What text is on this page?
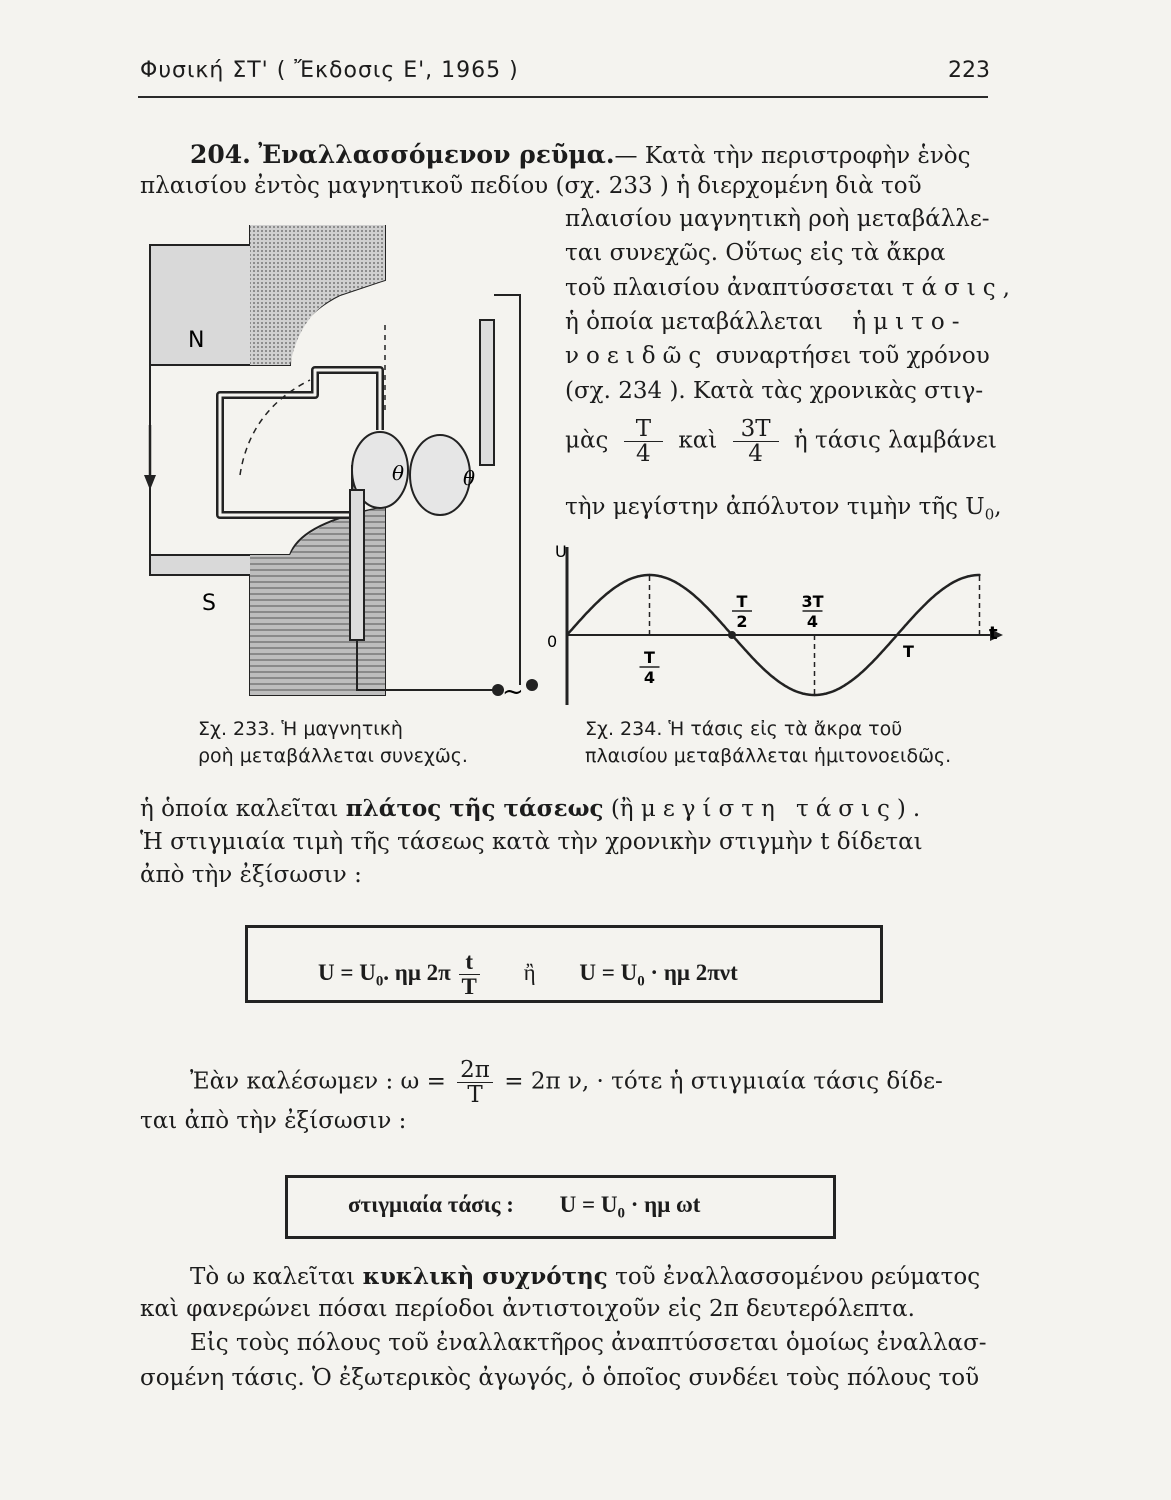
Φυσική ΣΤ' ( Ἔκδοσις Ε', 1965 )	223
204. Ἐναλλασσόμενον ρεῦμα.— Κατὰ τὴν περιστροφὴν ἑνὸς
πλαισίου ἐντὸς μαγνητικοῦ πεδίου (σχ. 233 ) ἡ διερχομένη διὰ τοῦ
πλαισίου μαγνητικὴ ροὴ μεταβάλλε-
ται συνεχῶς. Οὕτως εἰς τὰ ἄκρα
τοῦ πλαισίου ἀναπτύσσεται τάσις,
ἡ ὁποία μεταβάλλεται ἡμιτο-
νοειδῶς συναρτήσει τοῦ χρόνου
(σχ. 234 ). Κατὰ τὰς χρονικὰς στιγ-
μὰς $\frac{T}{4}$ καὶ $\frac{3T}{4}$ ἡ τάσις λαμβάνει
τὴν μεγίστην ἀπόλυτον τιμὴν τῆς $U_0$,
θ	θ
~
N
S
Σχ. 233. Ἡ μαγνητικὴ
ροὴ μεταβάλλεται συνεχῶς.
U
t
0
T
4
T
2
3T
4
T
Σχ. 234. Ἡ τάσις εἰς τὰ ἄκρα τοῦ
πλαισίου μεταβάλλεται ἡμιτονοειδῶς.
ἡ ὁποία καλεῖται πλάτος τῆς τάσεως (ἢ μεγίστη τάσις).
Ἡ στιγμιαία τιμὴ τῆς τάσεως κατὰ τὴν χρονικὴν στιγμὴν t δίδεται
ἀπὸ τὴν ἐξίσωσιν :
$U = U_0$. ημ $2\pi \frac{t}{T}$ ἢ $U = U_0 \cdot \eta\mu$ 2πνt
Ἐὰν καλέσωμεν : $\omega = \frac{2\pi}{T} = 2\pi$ ν, · τότε ἡ στιγμιαία τάσις δίδε-
ται ἀπὸ τὴν ἐξίσωσιν :
στιγμιαία τάσις : $U = U_0 \cdot \eta\mu$ ωt
Τὸ ω καλεῖται κυκλικὴ συχνότης τοῦ ἐναλλασσομένου ρεύματος
καὶ φανερώνει πόσαι περίοδοι ἀντιστοιχοῦν εἰς 2π δευτερόλεπτα.
Εἰς τοὺς πόλους τοῦ ἐναλλακτῆρος ἀναπτύσσεται ὁμοίως ἐναλλασ-
σομένη τάσις. Ὁ ἐξωτερικὸς ἀγωγός, ὁ ὁποῖος συνδέει τοὺς πόλους τοῦ
